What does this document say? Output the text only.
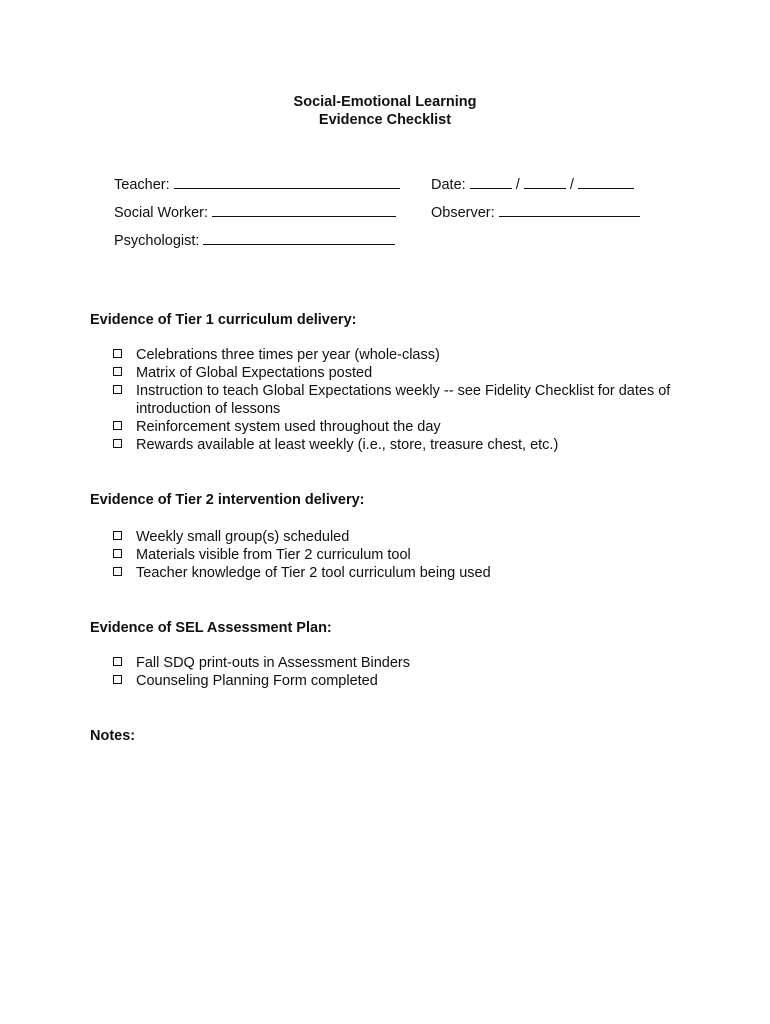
Social-Emotional Learning
Evidence Checklist
Teacher:	Date:	/	/
Social Worker:	Observer:
Psychologist:
Evidence of Tier 1 curriculum delivery:
Celebrations three times per year (whole-class)
Matrix of Global Expectations posted
Instruction to teach Global Expectations weekly -- see Fidelity Checklist for dates of introduction of lessons
Reinforcement system used throughout the day
Rewards available at least weekly (i.e., store, treasure chest, etc.)
Evidence of Tier 2 intervention delivery:
Weekly small group(s) scheduled
Materials visible from Tier 2 curriculum tool
Teacher knowledge of Tier 2 tool curriculum being used
Evidence of SEL Assessment Plan:
Fall SDQ print-outs in Assessment Binders
Counseling Planning Form completed
Notes:
